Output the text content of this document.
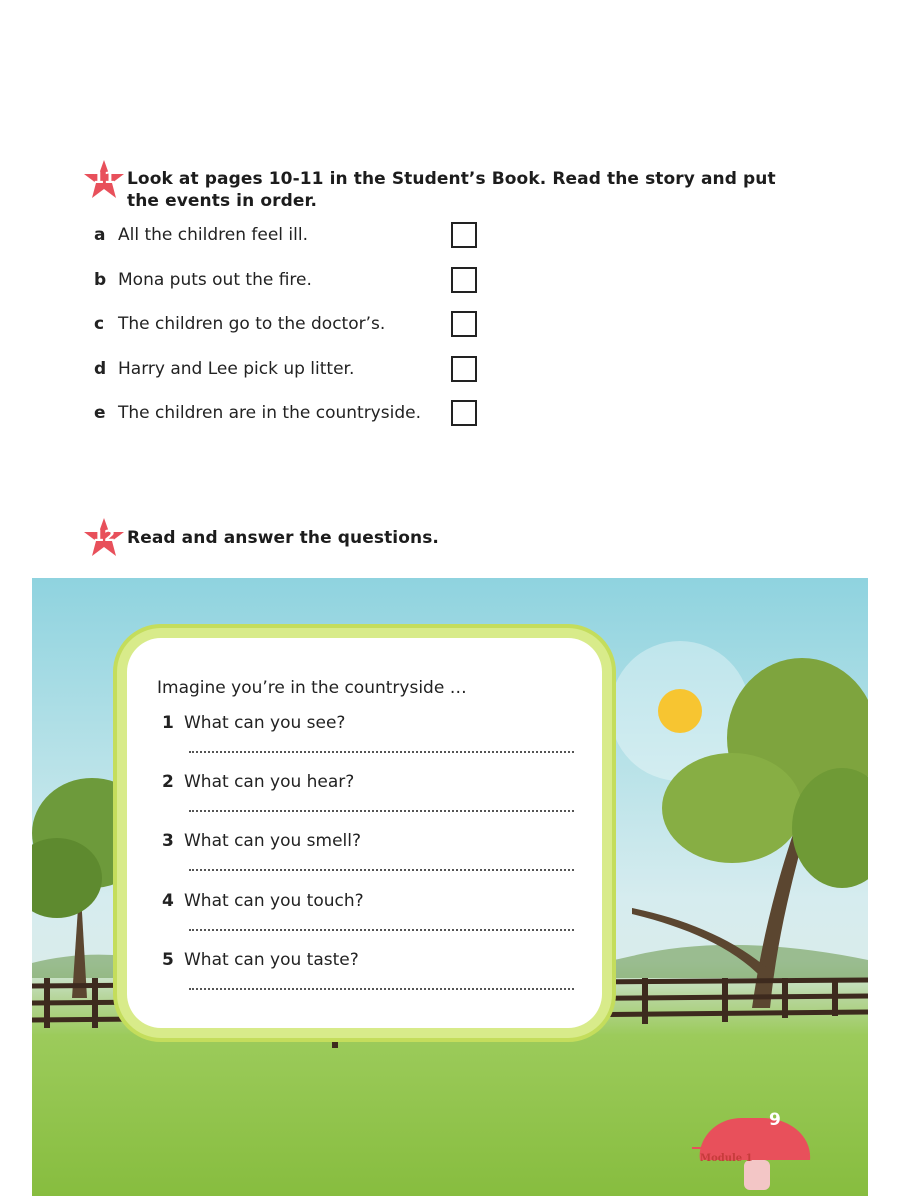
11 Look at pages 10-11 in the Student’s Book. Read the story and put the events in order.
a All the children feel ill.
b Mona puts out the fire.
c The children go to the doctor’s.
d Harry and Lee pick up litter.
e The children are in the countryside.
12 Read and answer the questions.
Imagine you’re in the countryside …
1 What can you see?
2 What can you hear?
3 What can you smell?
4 What can you touch?
5 What can you taste?
9
Module 1
